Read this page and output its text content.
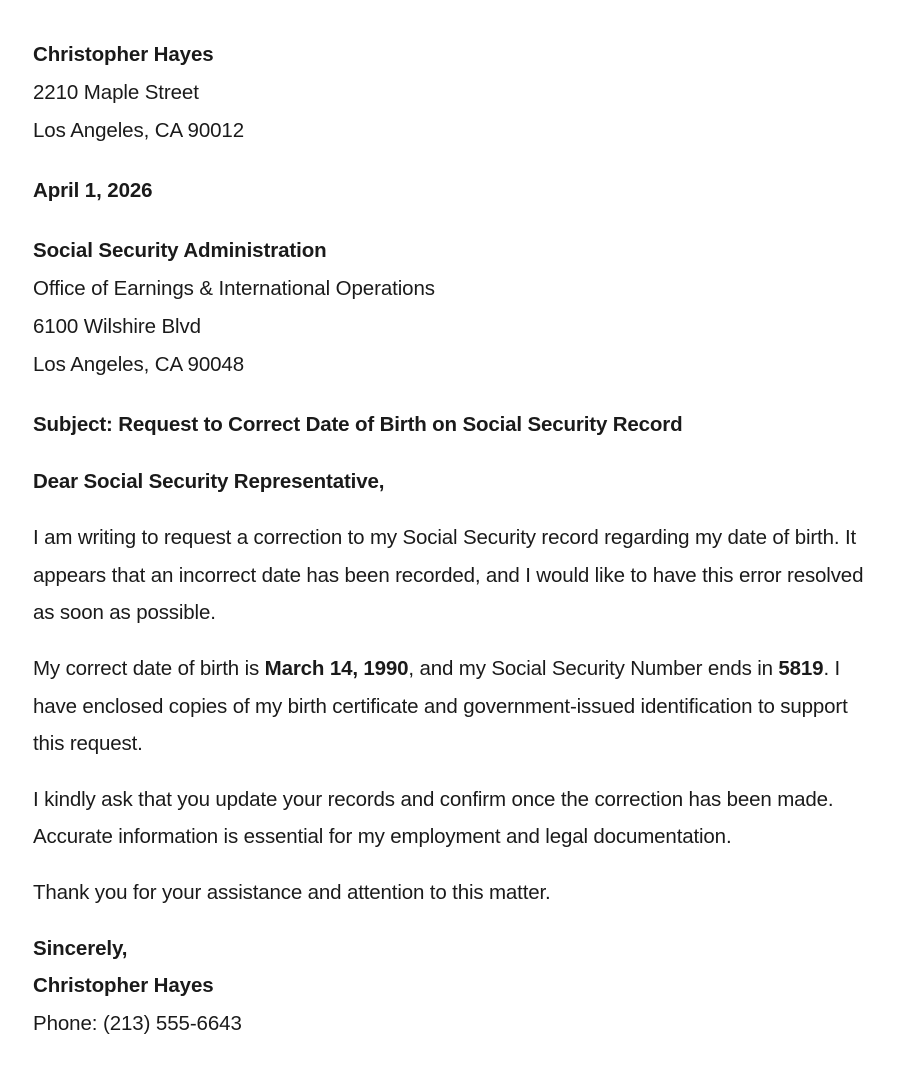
Christopher Hayes
2210 Maple Street
Los Angeles, CA 90012
April 1, 2026
Social Security Administration
Office of Earnings & International Operations
6100 Wilshire Blvd
Los Angeles, CA 90048

Subject: Request to Correct Date of Birth on Social Security Record

Dear Social Security Representative,

I am writing to request a correction to my Social Security record regarding my date of birth. It appears that an incorrect date has been recorded, and I would like to have this error resolved as soon as possible.

My correct date of birth is March 14, 1990, and my Social Security Number ends in 5819. I have enclosed copies of my birth certificate and government-issued identification to support this request.

I kindly ask that you update your records and confirm once the correction has been made. Accurate information is essential for my employment and legal documentation.

Thank you for your assistance and attention to this matter.

Sincerely,
Christopher Hayes
Phone: (213) 555-6643
